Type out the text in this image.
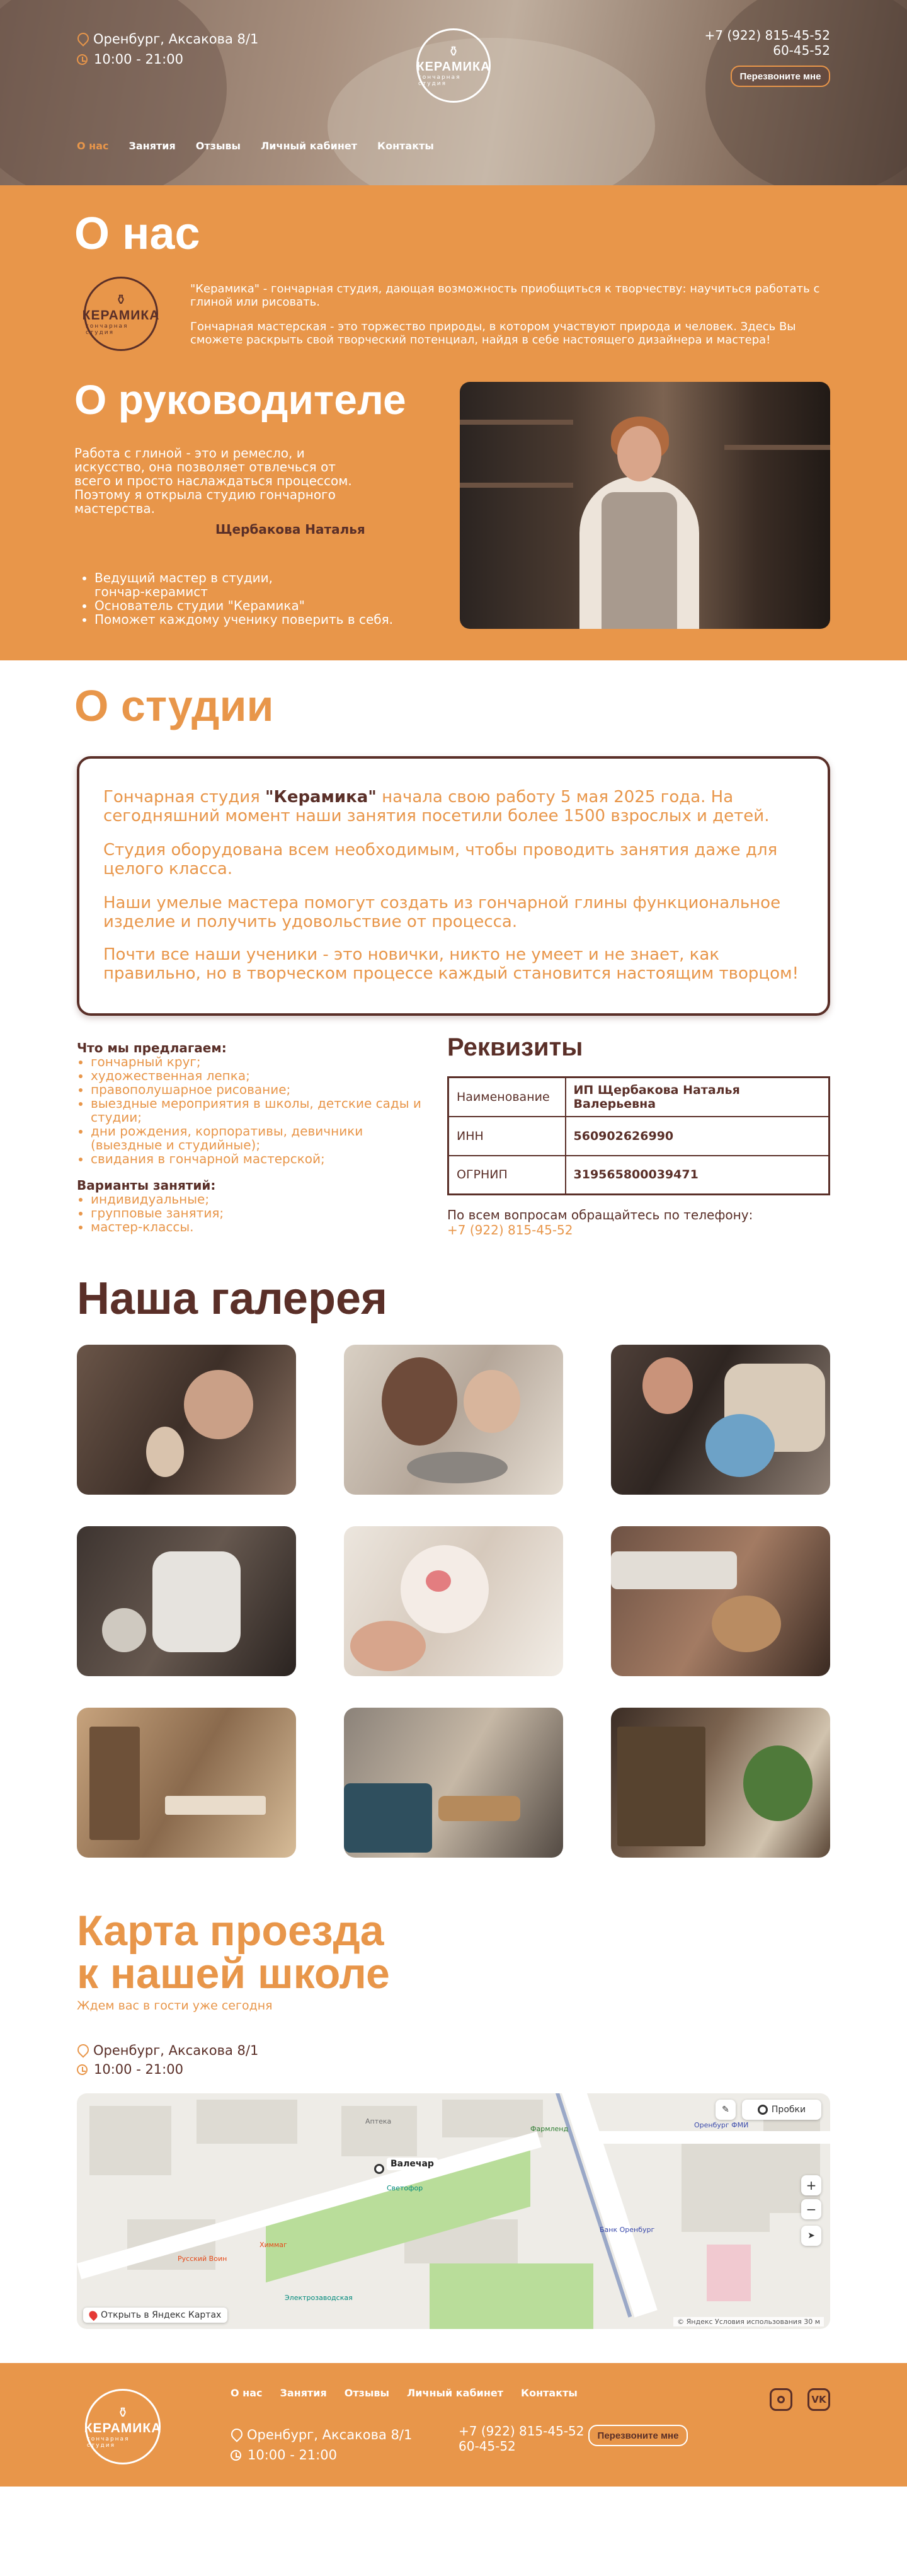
Оренбург, Аксакова 8/1
10:00 - 21:00	⚱
КЕРАМИКА
гончарная студия
+7 (922) 815-45-52
60-45-52
Перезвоните мне
О нас Занятия Отзывы Личный кабинет Контакты
О нас
⚱
КЕРАМИКА
гончарная студия

"Керамика" - гончарная студия, дающая возможность приобщиться к творчеству: научиться работать с глиной или рисовать.

Гончарная мастерская - это торжество природы, в котором участвуют природа и человек. Здесь Вы сможете раскрыть свой творческий потенциал, найдя в себе настоящего дизайнера и мастера!

О руководителе

Работа с глиной - это и ремесло, и искусство, она позволяет отвлечься от всего и просто наслаждаться процессом. Поэтому я открыла студию гончарного мастерства.

Щербакова Наталья

• Ведущий мастер в студии, гончар-керамист
• Основатель студии "Керамика"
• Поможет каждому ученику поверить в себя.
О студии

Гончарная студия "Керамика" начала свою работу 5 мая 2025 года. На сегодняшний момент наши занятия посетили более 1500 взрослых и детей.

Студия оборудована всем необходимым, чтобы проводить занятия даже для целого класса.

Наши умелые мастера помогут создать из гончарной глины функциональное изделие и получить удовольствие от процесса.

Почти все наши ученики - это новички, никто не умеет и не знает, как правильно, но в творческом процессе каждый становится настоящим творцом!

Что мы предлагаем:
• гончарный круг;
• художественная лепка;
• правополушарное рисование;
• выездные мероприятия в школы, детские сады и студии;
• дни рождения, корпоративы, девичники (выездные и студийные);
• свидания в гончарной мастерской;
Варианты занятий:
• индивидуальные;
• групповые занятия;
• мастер-классы.
Реквизиты
Наименование	ИП Щербакова Наталья Валерьевна
ИНН	560902626990
ОГРНИП	319565800039471
По всем вопросам обращайтесь по телефону:
+7 (922) 815-45-52
Наша галерея
Карта проезда
к нашей школе

Ждем вас в гости уже сегодня

Оренбург, Аксакова 8/1
10:00 - 21:00
Фармленд	Оренбург ФМИ
Банк Оренбург
Светофор
Химмаг
Русский Воин
Электрозаводская
Аптека
Валечар
✎	Пробки
+
−
➤
Открыть в Яндекс Картах
© Яндекс Условия использования 30 м
⚱
КЕРАМИКА
гончарная студия
О нас Занятия Отзывы Личный кабинет Контакты
Оренбург, Аксакова 8/1
10:00 - 21:00
+7 (922) 815-45-52
60-45-52
Перезвоните мне
VK
